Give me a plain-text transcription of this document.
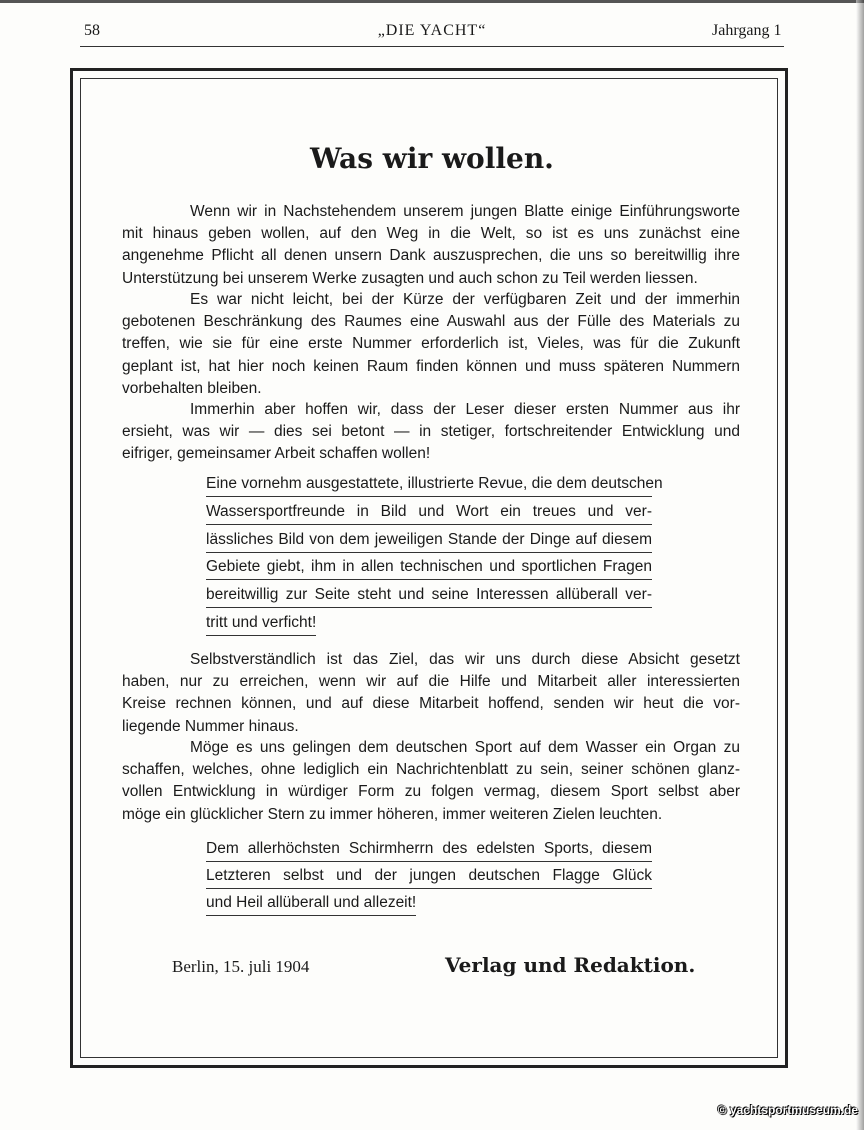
58	„DIE YACHT“	Jahrgang 1
Was wir wollen.
Wenn wir in Nachstehendem unserem jungen Blatte einige Einführungsworte
mit hinaus geben wollen, auf den Weg in die Welt, so ist es uns zunächst eine
angenehme Pflicht all denen unsern Dank auszusprechen, die uns so bereitwillig ihre
Unterstützung bei unserem Werke zusagten und auch schon zu Teil werden liessen.
Es war nicht leicht, bei der Kürze der verfügbaren Zeit und der immerhin
gebotenen Beschränkung des Raumes eine Auswahl aus der Fülle des Materials zu
treffen, wie sie für eine erste Nummer erforderlich ist, Vieles, was für die Zukunft
geplant ist, hat hier noch keinen Raum finden können und muss späteren Nummern
vorbehalten bleiben.
Immerhin aber hoffen wir, dass der Leser dieser ersten Nummer aus ihr
ersieht, was wir — dies sei betont — in stetiger, fortschreitender Entwicklung und
eifriger, gemeinsamer Arbeit schaffen wollen!
Eine vornehm ausgestattete, illustrierte Revue, die dem deutschen
Wassersportfreunde in Bild und Wort ein treues und ver-
lässliches Bild von dem jeweiligen Stande der Dinge auf diesem
Gebiete giebt, ihm in allen technischen und sportlichen Fragen
bereitwillig zur Seite steht und seine Interessen allüberall ver-
tritt und verficht!
Selbstverständlich ist das Ziel, das wir uns durch diese Absicht gesetzt
haben, nur zu erreichen, wenn wir auf die Hilfe und Mitarbeit aller interessierten
Kreise rechnen können, und auf diese Mitarbeit hoffend, senden wir heut die vor-
liegende Nummer hinaus.
Möge es uns gelingen dem deutschen Sport auf dem Wasser ein Organ zu
schaffen, welches, ohne lediglich ein Nachrichtenblatt zu sein, seiner schönen glanz-
vollen Entwicklung in würdiger Form zu folgen vermag, diesem Sport selbst aber
möge ein glücklicher Stern zu immer höheren, immer weiteren Zielen leuchten.
Dem allerhöchsten Schirmherrn des edelsten Sports, diesem
Letzteren selbst und der jungen deutschen Flagge Glück
und Heil allüberall und allezeit!
Berlin, 15. juli 1904	Verlag und Redaktion.
© yachtsportmuseum.de
